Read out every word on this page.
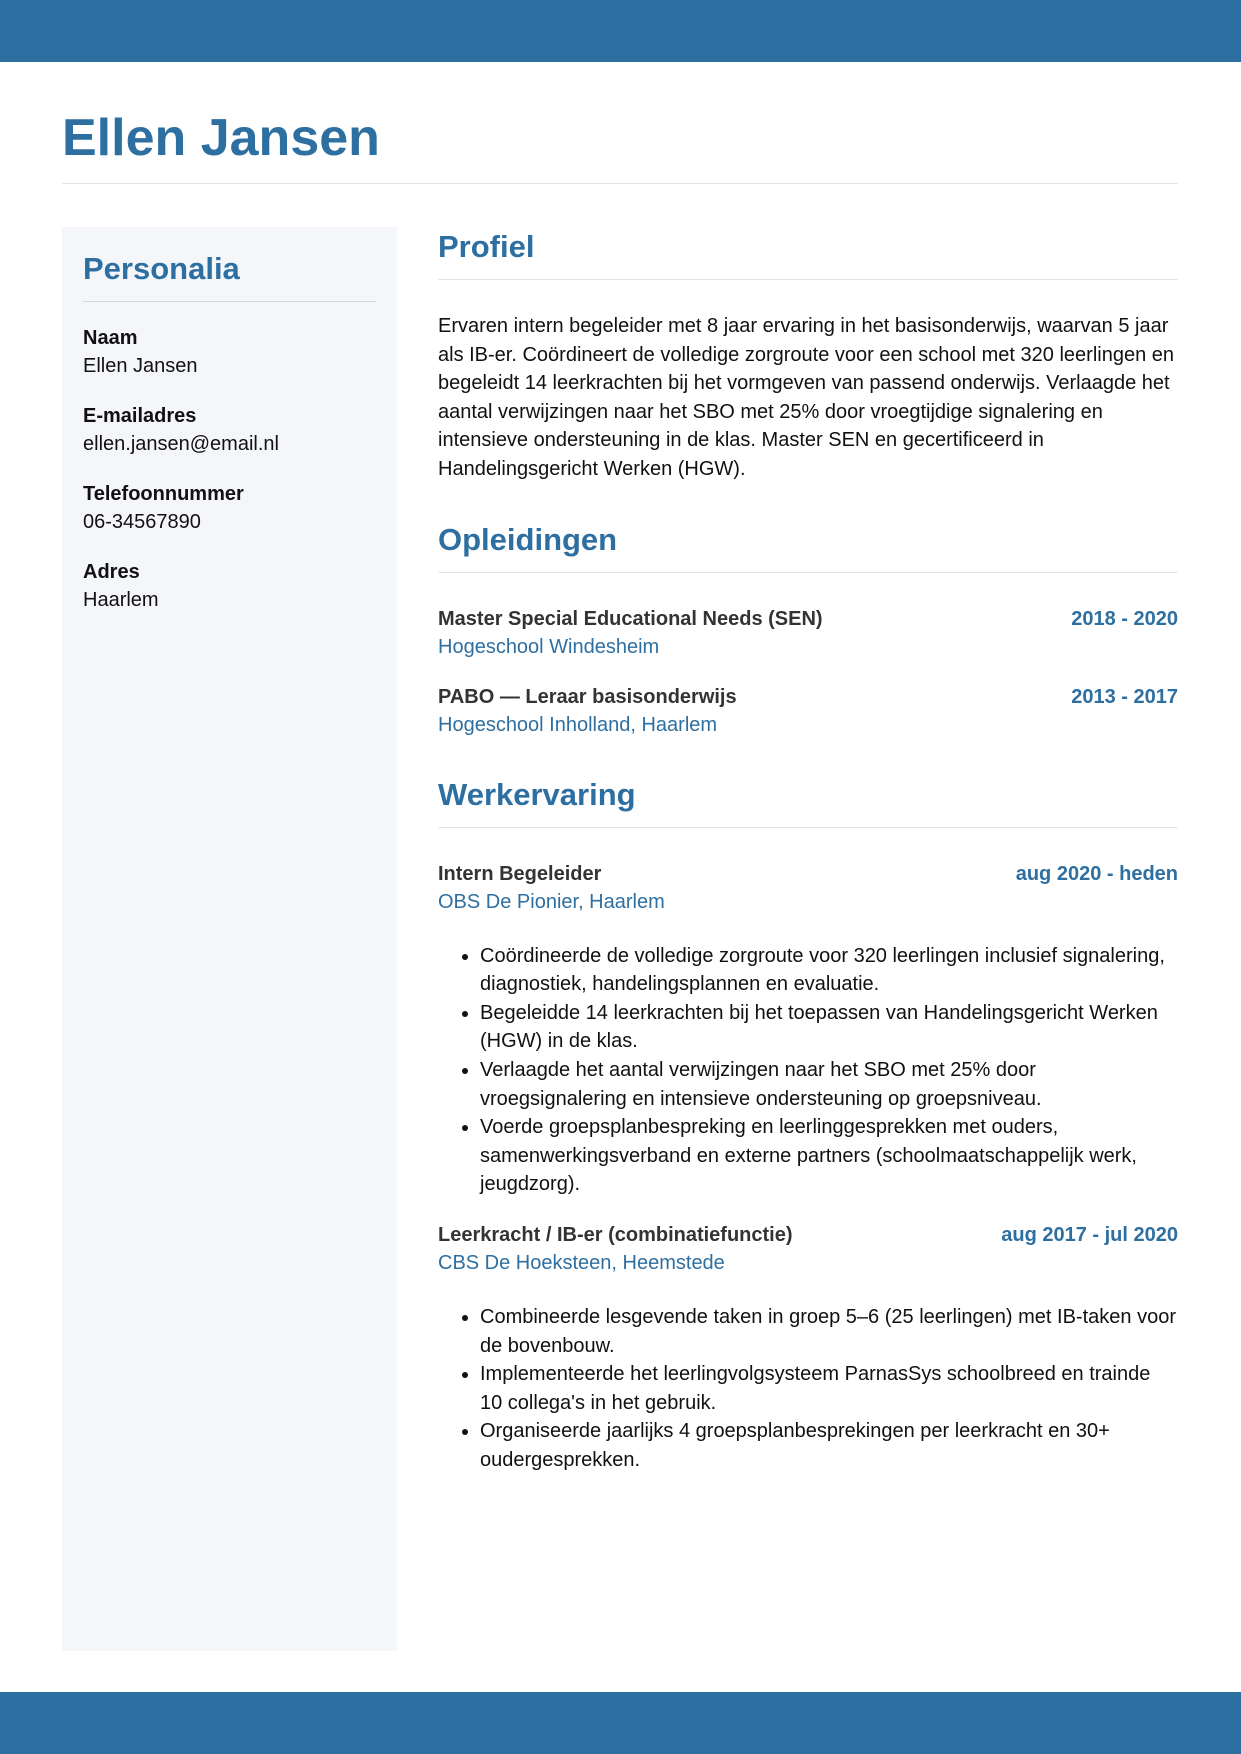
Ellen Jansen
Personalia
Naam
Ellen Jansen
E-mailadres
ellen.jansen@email.nl
Telefoonnummer
06-34567890
Adres
Haarlem
Profiel

Ervaren intern begeleider met 8 jaar ervaring in het basisonderwijs, waarvan 5 jaar als IB-er. Coördineert de volledige zorgroute voor een school met 320 leerlingen en begeleidt 14 leerkrachten bij het vormgeven van passend onderwijs. Verlaagde het aantal verwijzingen naar het SBO met 25% door vroegtijdige signalering en intensieve ondersteuning in de klas. Master SEN en gecertificeerd in Handelingsgericht Werken (HGW).

Opleidingen
Master Special Educational Needs (SEN)	2018 - 2020
Hogeschool Windesheim
PABO — Leraar basisonderwijs	2013 - 2017
Hogeschool Inholland, Haarlem
Werkervaring
Intern Begeleider	aug 2020 - heden
OBS De Pionier, Haarlem
• Coördineerde de volledige zorgroute voor 320 leerlingen inclusief signalering, diagnostiek, handelingsplannen en evaluatie.
• Begeleidde 14 leerkrachten bij het toepassen van Handelingsgericht Werken (HGW) in de klas.
• Verlaagde het aantal verwijzingen naar het SBO met 25% door vroegsignalering en intensieve ondersteuning op groepsniveau.
• Voerde groepsplanbespreking en leerlinggesprekken met ouders, samenwerkingsverband en externe partners (schoolmaatschappelijk werk, jeugdzorg).
Leerkracht / IB-er (combinatiefunctie)	aug 2017 - jul 2020
CBS De Hoeksteen, Heemstede
• Combineerde lesgevende taken in groep 5–6 (25 leerlingen) met IB-taken voor de bovenbouw.
• Implementeerde het leerlingvolgsysteem ParnasSys schoolbreed en trainde 10 collega's in het gebruik.
• Organiseerde jaarlijks 4 groepsplanbesprekingen per leerkracht en 30+ oudergesprekken.
